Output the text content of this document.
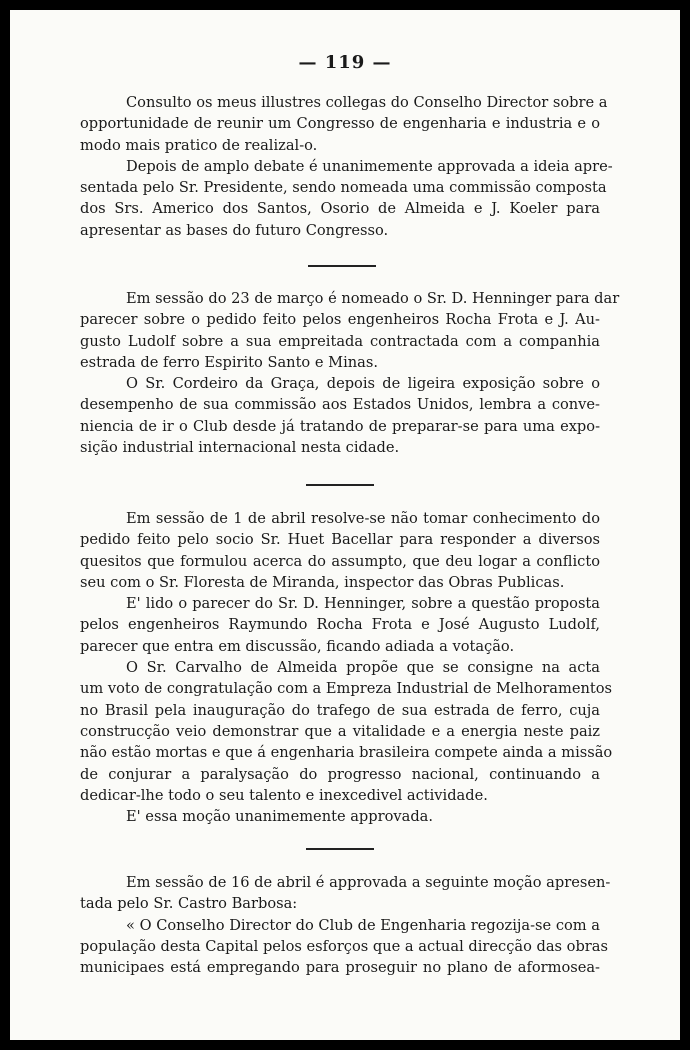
— 119 —

Consulto os meus illustres collegas do Conselho Director sobre a
opportunidade de reunir um Congresso de engenharia e industria e o
modo mais pratico de realizal-o.

Depois de amplo debate é unanimemente approvada a ideia apre-
sentada pelo Sr. Presidente, sendo nomeada uma commissão composta
dos Srs. Americo dos Santos, Osorio de Almeida e J. Koeler para
apresentar as bases do futuro Congresso.

Em sessão do 23 de março é nomeado o Sr. D. Henninger para dar
parecer sobre o pedido feito pelos engenheiros Rocha Frota e J. Au-
gusto Ludolf sobre a sua empreitada contractada com a companhia
estrada de ferro Espirito Santo e Minas.

O Sr. Cordeiro da Graça, depois de ligeira exposição sobre o
desempenho de sua commissão aos Estados Unidos, lembra a conve-
niencia de ir o Club desde já tratando de preparar-se para uma expo-
sição industrial internacional nesta cidade.

Em sessão de 1 de abril resolve-se não tomar conhecimento do
pedido feito pelo socio Sr. Huet Bacellar para responder a diversos
quesitos que formulou acerca do assumpto, que deu logar a conflicto
seu com o Sr. Floresta de Miranda, inspector das Obras Publicas.

E' lido o parecer do Sr. D. Henninger, sobre a questão proposta
pelos engenheiros Raymundo Rocha Frota e José Augusto Ludolf,
parecer que entra em discussão, ficando adiada a votação.

O Sr. Carvalho de Almeida propõe que se consigne na acta
um voto de congratulação com a Empreza Industrial de Melhoramentos
no Brasil pela inauguração do trafego de sua estrada de ferro, cuja
construcção veio demonstrar que a vitalidade e a energia neste paiz
não estão mortas e que á engenharia brasileira compete ainda a missão
de conjurar a paralysação do progresso nacional, continuando a
dedicar-lhe todo o seu talento e inexcedivel actividade.

E' essa moção unanimemente approvada.

Em sessão de 16 de abril é approvada a seguinte moção apresen-
tada pelo Sr. Castro Barbosa:

« O Conselho Director do Club de Engenharia regozija-se com a
população desta Capital pelos esforços que a actual direcção das obras
municipaes está empregando para proseguir no plano de aformosea-
